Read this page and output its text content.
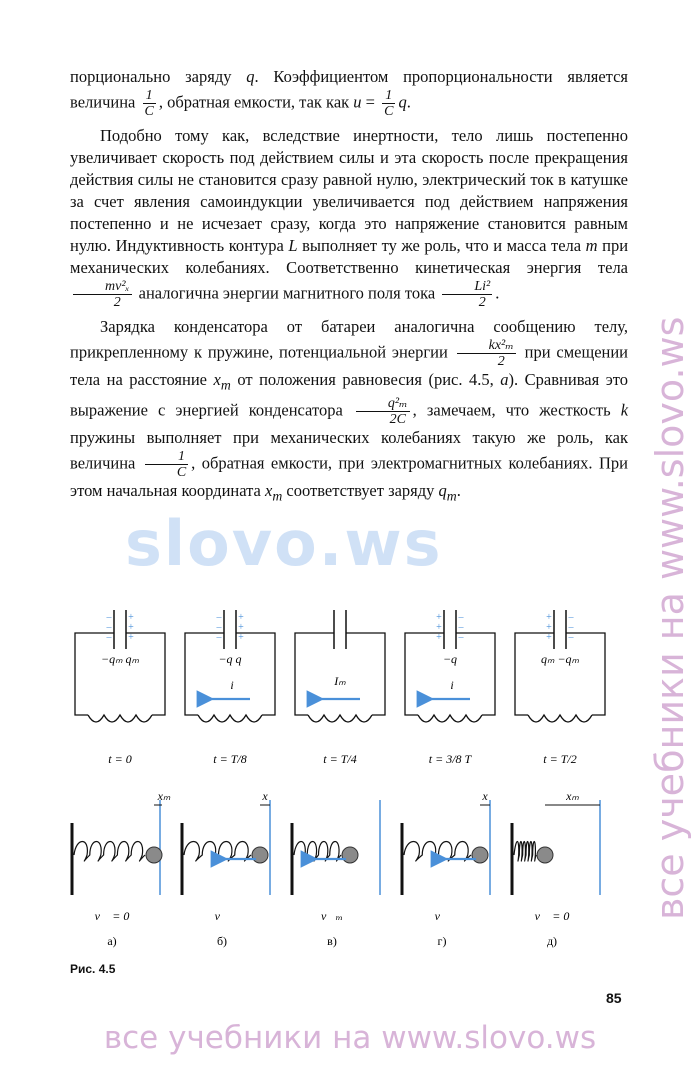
порционально заряду q. Коэффициентом пропорциональности является величина $\frac{1}{C}$ , обратная емкости, так как $u = \frac{1}{C} q$.

Подобно тому как, вследствие инертности, тело лишь постепенно увеличивает скорость под действием силы и эта скорость после прекращения действия силы не становится сразу равной нулю, электрический ток в катушке за счет явления самоиндукции увеличивается под действием напряжения постепенно и не исчезает сразу, когда это напряжение становится равным нулю. Индуктивность контура L выполняет ту же роль, что и масса тела m при механических колебаниях. Соответственно кинетическая энергия тела
$\frac{\text{mv²ₓ}}{2}$ аналогична энергии магнитного поля тока $\frac{\text{Li²}}{2}$ .

Зарядка конденсатора от батареи аналогична сообщению телу, прикрепленному к пружине, потенциальной энергии $\frac{\text{kx²ₘ}}{2}$ при смещении тела на расстояние $x_m$ от положения равновесия (рис. 4.5, а). Сравнивая это выражение с энергией конденсатора $\frac{\text{q²ₘ}}{2C}$ , замечаем, что жесткость k пружины выполняет при механических колебаниях такую же роль, как величина $\frac{1}{C}$ , обратная емкости, при электромагнитных колебаниях. При этом начальная координата $x_m$ соответствует заряду $q_m$.

slovo.ws
+
–
+
–
+
–
−qₘ qₘ
t = 0
+
–
+
–
+
–
−q q
i
t = T/8
Iₘ
t = T/4
+ –
+ –
+ –
−q
i
t = 3/8 T
+ –
+ –
+ –
qₘ −qₘ
t = T/2
xₘ
v⃗ = 0
а)
x
v⃗
б)
v⃗ₘ
в)
x
v⃗
г)
xₘ
v⃗ = 0
д)
Рис. 4.5
85
все учебники на www.slovo.ws
все учебники на www.slovo.ws
